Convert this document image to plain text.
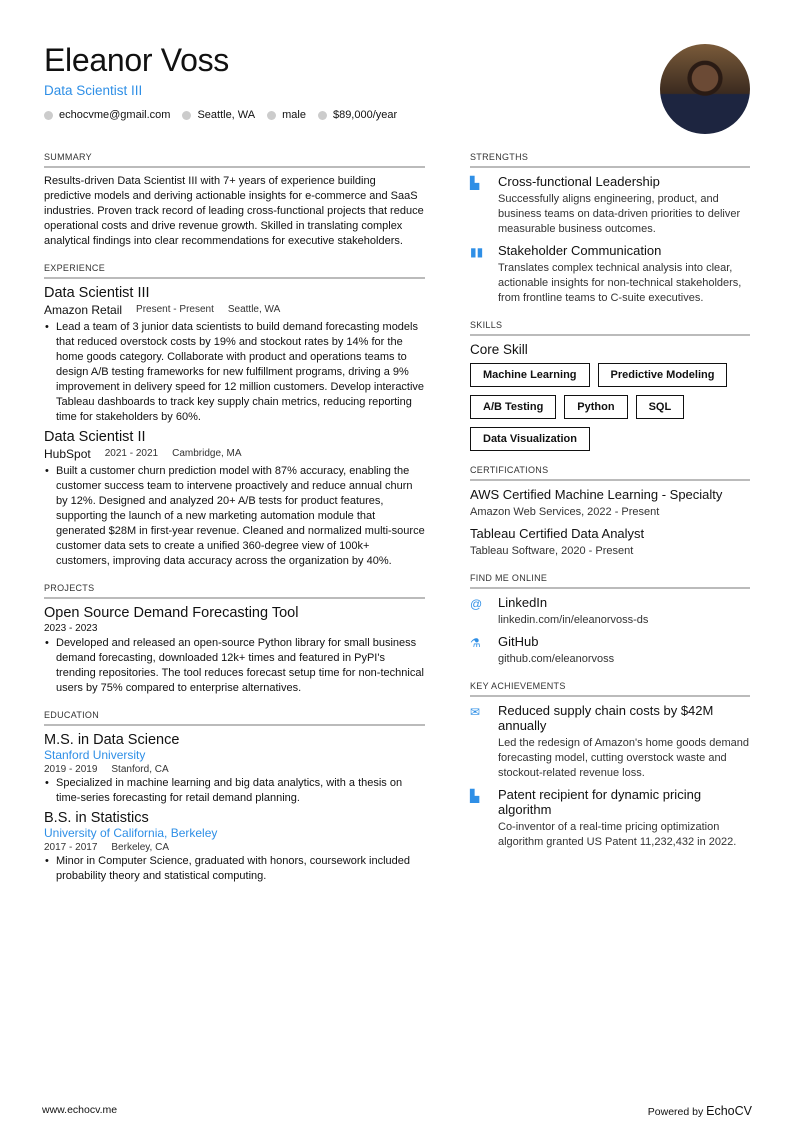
Eleanor Voss
Data Scientist III
echocvme@gmail.com Seattle, WA male $89,000/year
SUMMARY
Results-driven Data Scientist III with 7+ years of experience building predictive models and deriving actionable insights for e-commerce and SaaS industries. Proven track record of leading cross-functional projects that reduce operational costs and drive revenue growth. Skilled in translating complex analytical findings into clear recommendations for executive stakeholders.
EXPERIENCE
Data Scientist III
Amazon Retail Present - Present Seattle, WA
• Lead a team of 3 junior data scientists to build demand forecasting models that reduced overstock costs by 19% and stockout rates by 14% for the home goods category. Collaborate with product and operations teams to design A/B testing frameworks for new fulfillment programs, driving a 9% improvement in delivery speed for 12 million customers. Develop interactive Tableau dashboards to track key supply chain metrics, reducing reporting time for stakeholders by 60%.
Data Scientist II
HubSpot 2021 - 2021 Cambridge, MA
• Built a customer churn prediction model with 87% accuracy, enabling the customer success team to intervene proactively and reduce annual churn by 12%. Designed and analyzed 20+ A/B tests for product features, supporting the launch of a new marketing automation module that generated $28M in first-year revenue. Cleaned and normalized multi-source customer data sets to create a unified 360-degree view of 100k+ customers, improving data accuracy across the organization by 40%.
PROJECTS
Open Source Demand Forecasting Tool
2023 - 2023
• Developed and released an open-source Python library for small business demand forecasting, downloaded 12k+ times and featured in PyPI's trending repositories. The tool reduces forecast setup time for non-technical users by 75% compared to enterprise alternatives.
EDUCATION
M.S. in Data Science
Stanford University
2019 - 2019 Stanford, CA
• Specialized in machine learning and big data analytics, with a thesis on time-series forecasting for retail demand planning.
B.S. in Statistics
University of California, Berkeley
2017 - 2017 Berkeley, CA
• Minor in Computer Science, graduated with honors, coursework included probability theory and statistical computing.
STRENGTHS
▙	Cross-functional Leadership
Successfully aligns engineering, product, and business teams on data-driven priorities to deliver measurable business outcomes.
▮▮ Stakeholder Communication
Translates complex technical analysis into clear, actionable insights for non-technical stakeholders, from frontline teams to C-suite executives.
SKILLS
Core Skill
Machine Learning	Predictive Modeling
A/B Testing	Python	SQL
Data Visualization
CERTIFICATIONS
AWS Certified Machine Learning - Specialty
Amazon Web Services, 2022 - Present
Tableau Certified Data Analyst
Tableau Software, 2020 - Present
FIND ME ONLINE
@ LinkedIn
linkedin.com/in/eleanorvoss-ds
⚗	GitHub
github.com/eleanorvoss
KEY ACHIEVEMENTS
✉	Reduced supply chain costs by $42M annually
Led the redesign of Amazon's home goods demand forecasting model, cutting overstock waste and stockout-related revenue loss.
▙	Patent recipient for dynamic pricing algorithm
Co-inventor of a real-time pricing optimization algorithm granted US Patent 11,232,432 in 2022.
www.echocv.me	Powered by EchoCV
